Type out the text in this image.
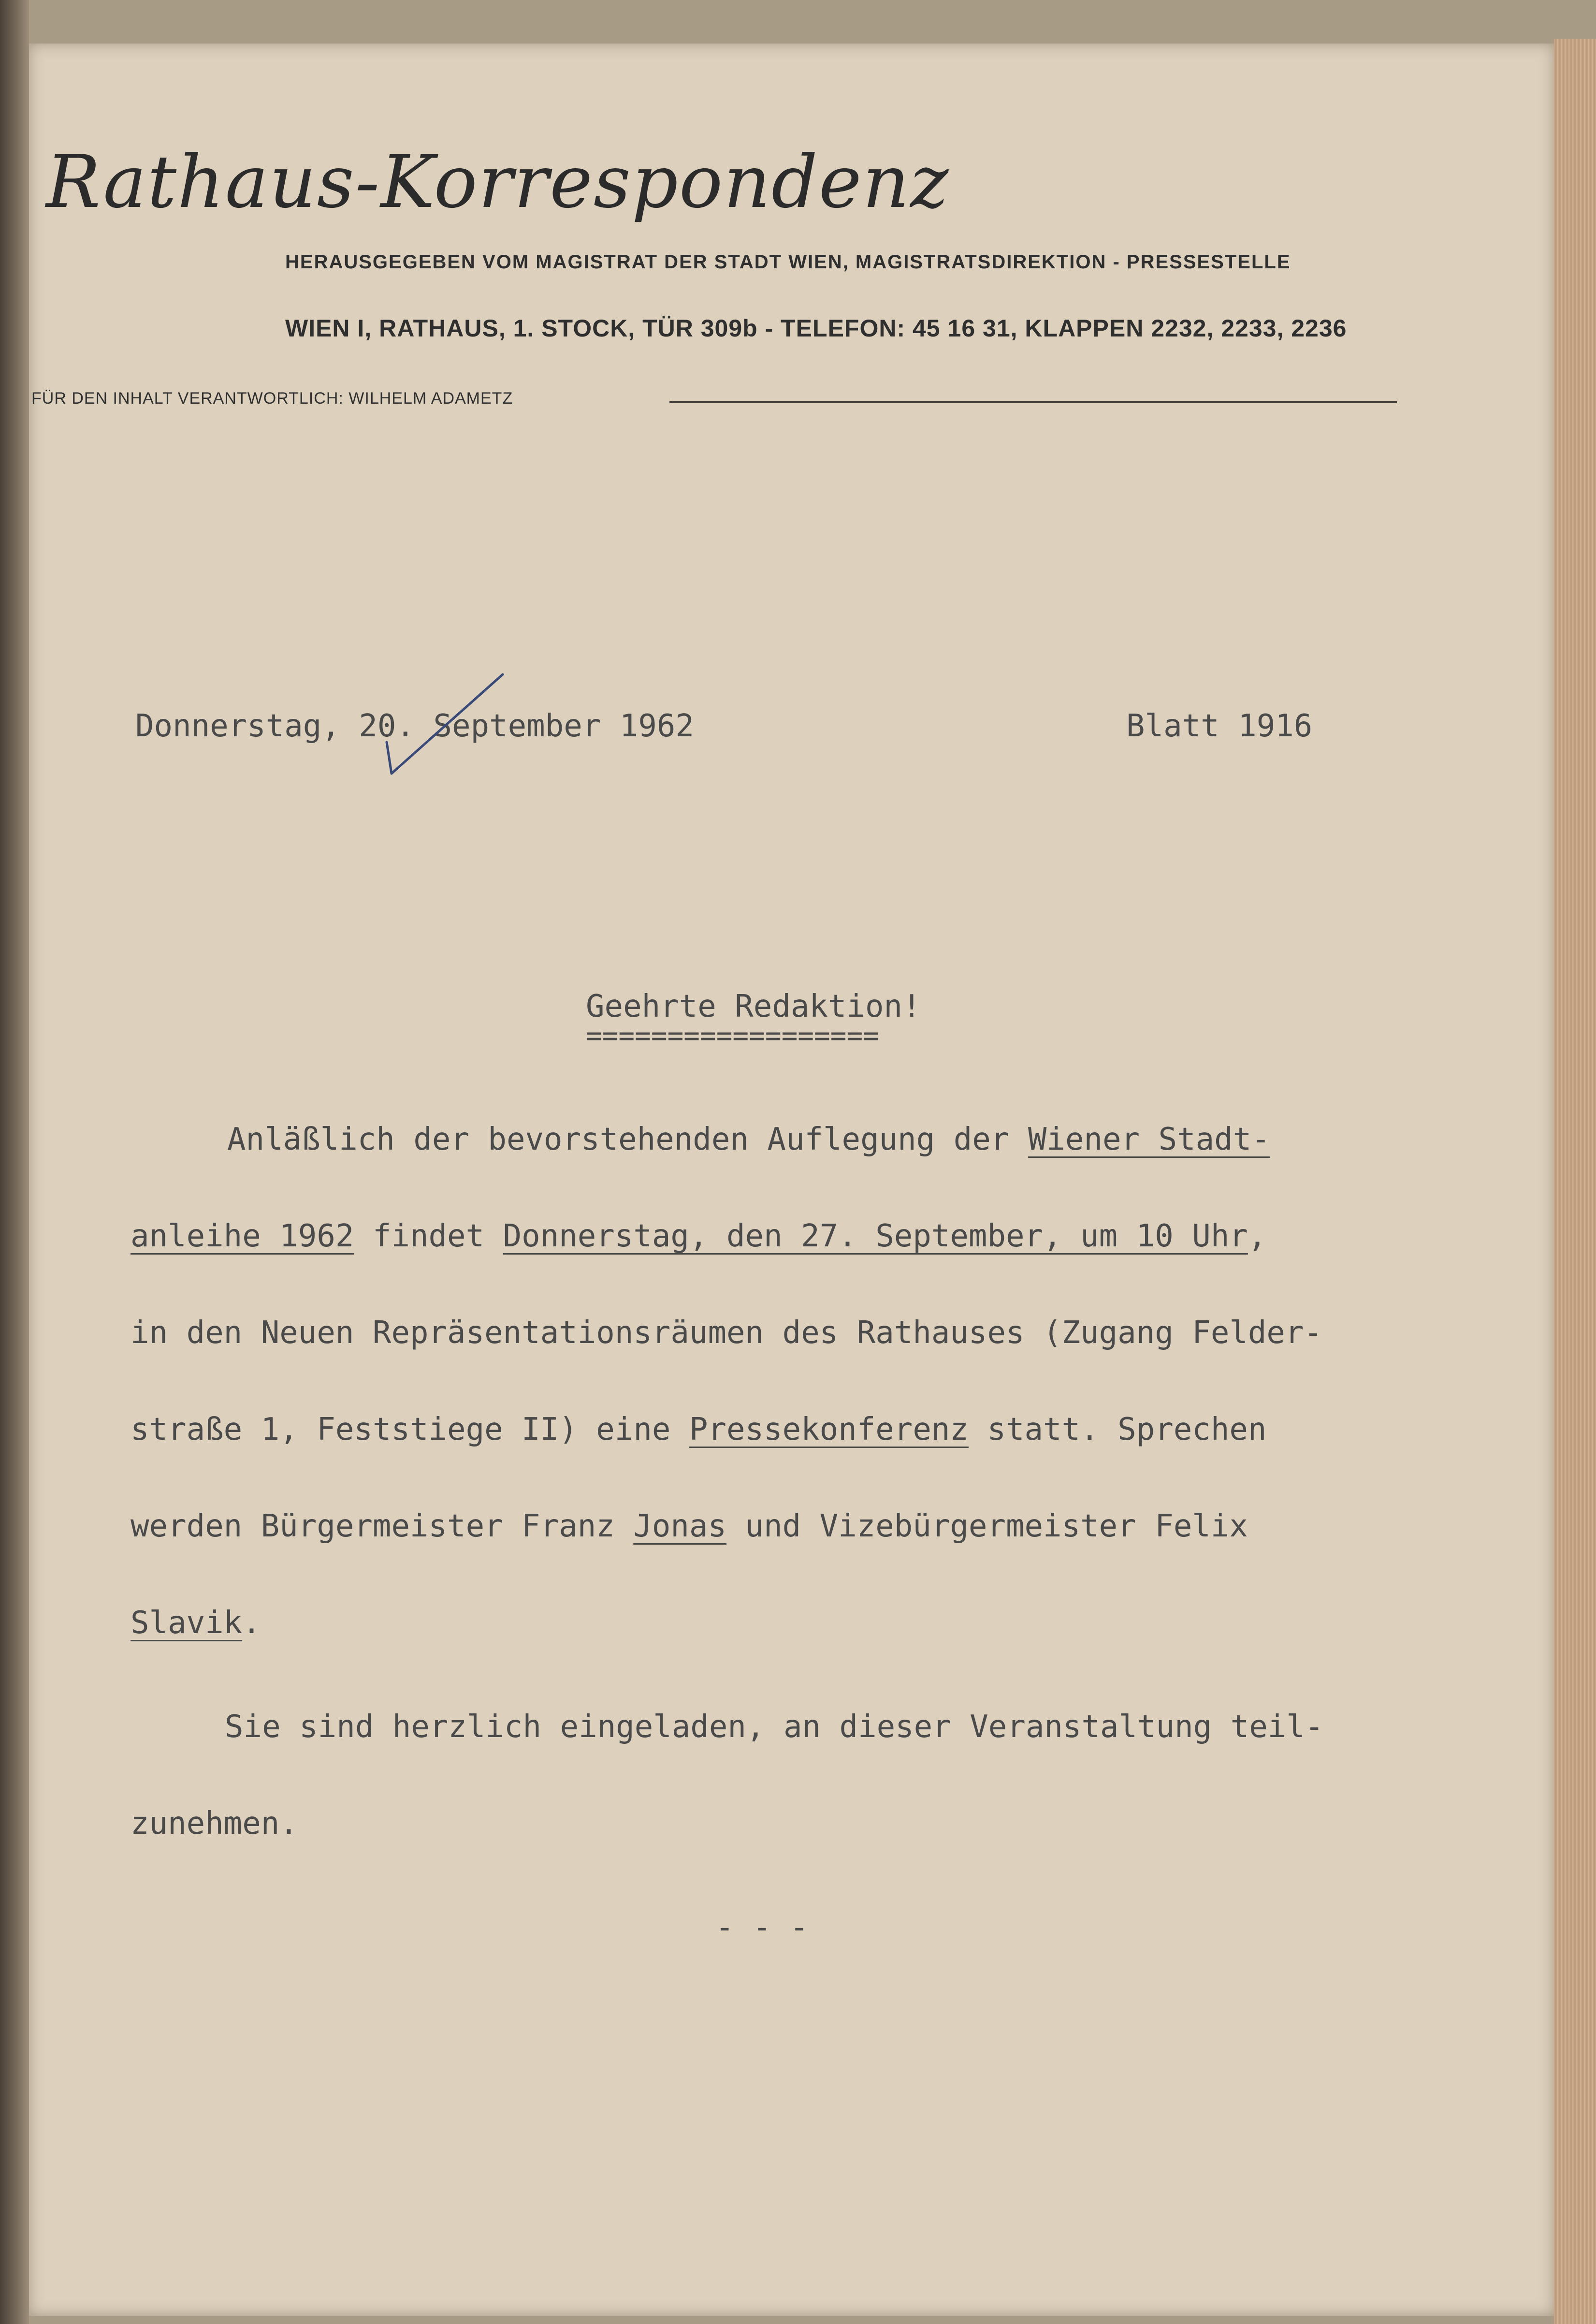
Rathaus-Korrespondenz
HERAUSGEGEBEN VOM MAGISTRAT DER STADT WIEN, MAGISTRATSDIREKTION - PRESSESTELLE
WIEN I, RATHAUS, 1. STOCK, TÜR 309b - TELEFON: 45 16 31, KLAPPEN 2232, 2233, 2236
FÜR DEN INHALT VERANTWORTLICH: WILHELM ADAMETZ
Donnerstag, 20. September 1962	Blatt 1916
Geehrte Redaktion!
==================
Anläßlich der bevorstehenden Auflegung der Wiener Stadt-
anleihe 1962 findet Donnerstag, den 27. September, um 10 Uhr,
in den Neuen Repräsentationsräumen des Rathauses (Zugang Felder-
straße 1, Feststiege II) eine Pressekonferenz statt. Sprechen
werden Bürgermeister Franz Jonas und Vizebürgermeister Felix
Slavik.
Sie sind herzlich eingeladen, an dieser Veranstaltung teil-
zunehmen.
- - -
